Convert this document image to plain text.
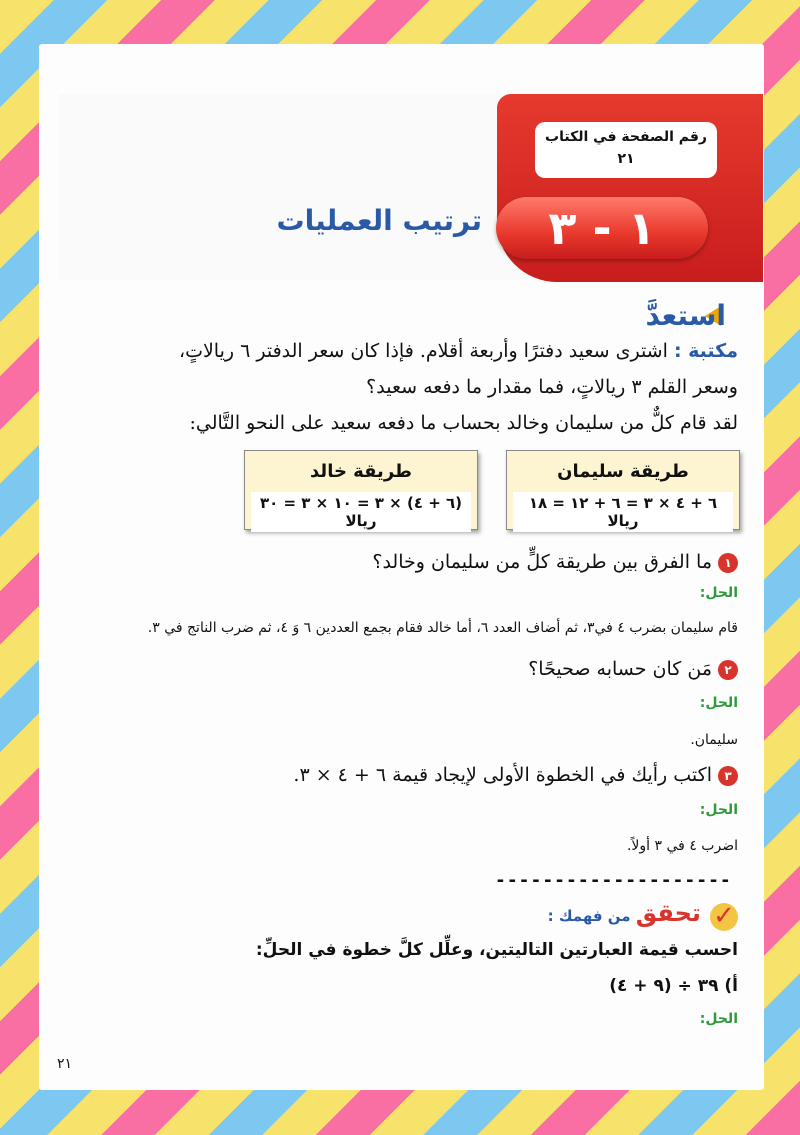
رقم الصفحة في الكتاب
٢١
١ - ٣
ترتيب العمليات
استعدَّ
مكتبة : اشترى سعيد دفترًا وأربعة أقلام. فإذا كان سعر الدفتر ٦ ريالاتٍ،
وسعر القلم ٣ ريالاتٍ، فما مقدار ما دفعه سعيد؟
لقد قام كلٌّ من سليمان وخالد بحساب ما دفعه سعيد على النحو التَّالي:
طريقة سليمان
٦ + ٤ × ٣ = ٦ + ١٢ = ١٨ ريالا
طريقة خالد
(٦ + ٤) × ٣ = ١٠ × ٣ = ٣٠ ريالا
١ما الفرق بين طريقة كلٍّ من سليمان وخالد؟
الحل:
قام سليمان بضرب ٤ في٣، ثم أضاف العدد ٦، أما خالد فقام بجمع العددين ٦ وَ ٤، ثم ضرب الناتج في ٣.
٢مَن كان حسابه صحيحًا؟
الحل:
سليمان.
٣اكتب رأيك في الخطوة الأولى لإيجاد قيمة ٦ + ٤ × ٣.
الحل:
اضرب ٤ في ٣ أولاً.
--------------------
✓ تحقق من فهمك :
احسب قيمة العبارتين التاليتين، وعلِّل كلَّ خطوة في الحلِّ:
أ) ٣٩ ÷ (٩ + ٤)
الحل:
٢١
